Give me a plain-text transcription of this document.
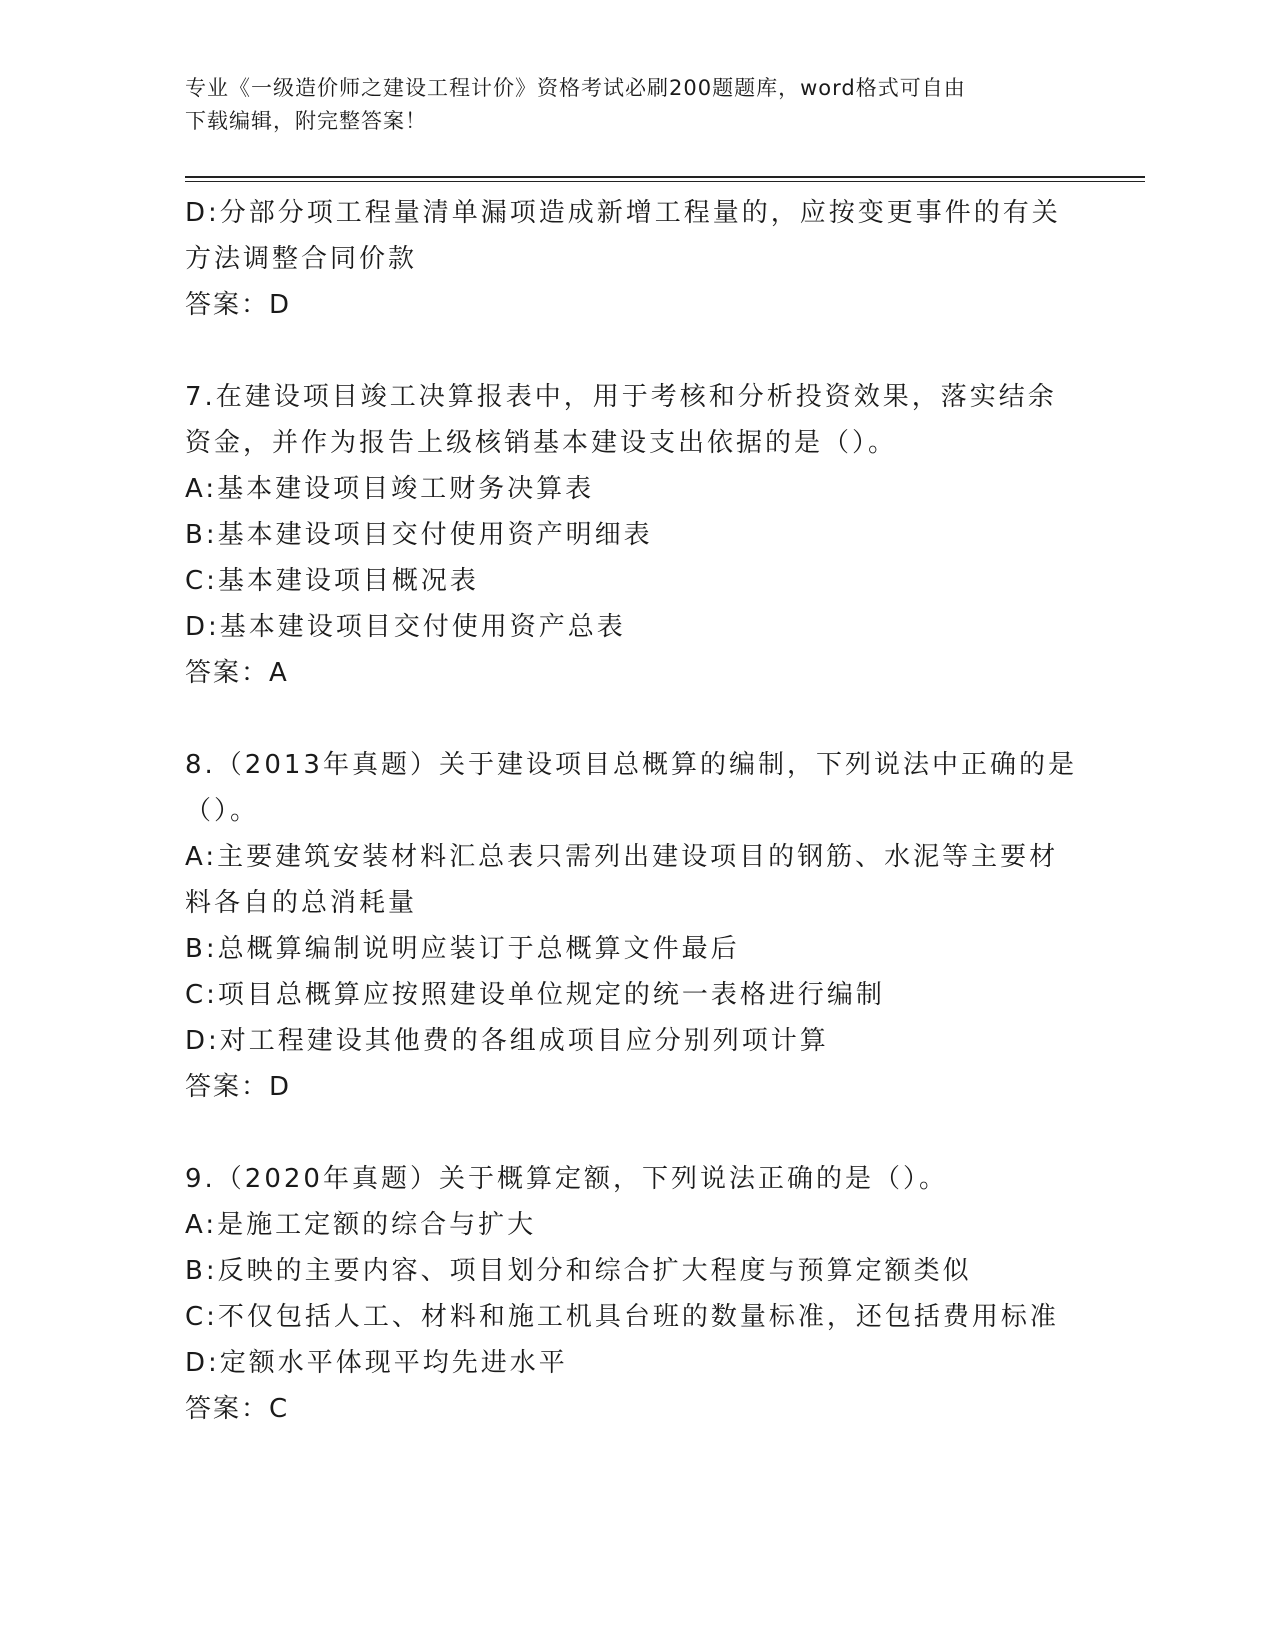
专业《一级造价师之建设工程计价》资格考试必刷200题题库，word格式可自由
下载编辑，附完整答案！
D:分部分项工程量清单漏项造成新增工程量的，应按变更事件的有关
方法调整合同价款
答案：D
7.在建设项目竣工决算报表中，用于考核和分析投资效果，落实结余
资金，并作为报告上级核销基本建设支出依据的是（）。
A:基本建设项目竣工财务决算表
B:基本建设项目交付使用资产明细表
C:基本建设项目概况表
D:基本建设项目交付使用资产总表
答案：A
8.（2013年真题）关于建设项目总概算的编制，下列说法中正确的是
（）。
A:主要建筑安装材料汇总表只需列出建设项目的钢筋、水泥等主要材
料各自的总消耗量
B:总概算编制说明应装订于总概算文件最后
C:项目总概算应按照建设单位规定的统一表格进行编制
D:对工程建设其他费的各组成项目应分别列项计算
答案：D
9.（2020年真题）关于概算定额，下列说法正确的是（）。
A:是施工定额的综合与扩大
B:反映的主要内容、项目划分和综合扩大程度与预算定额类似
C:不仅包括人工、材料和施工机具台班的数量标准，还包括费用标准
D:定额水平体现平均先进水平
答案：C
